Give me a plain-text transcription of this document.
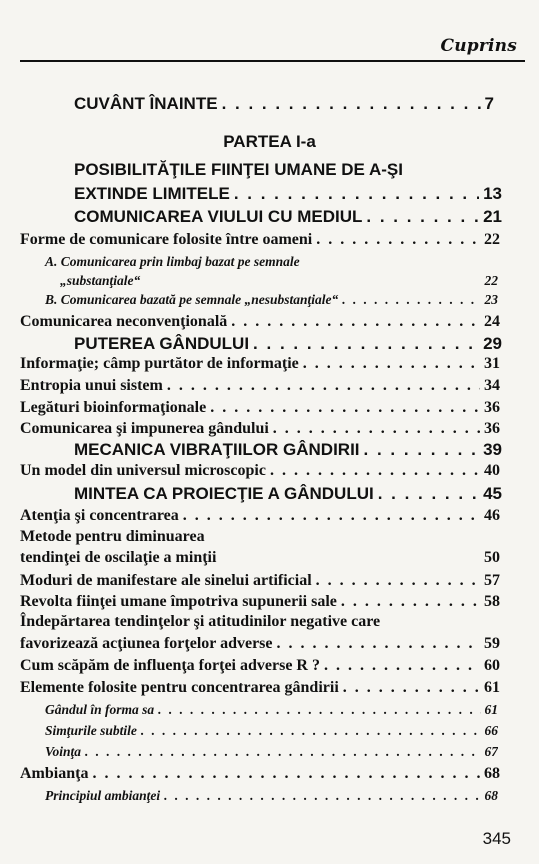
Cuprins
CUVÂNT ÎNAINTE . . .	7
PARTEA I-a
POSIBILITĂŢILE FIINŢEI UMANE DE A-ŞI
EXTINDE LIMITELE . . .	13
COMUNICAREA VIULUI CU MEDIUL . . .	21
Forme de comunicare folosite între oameni . . .	22
A. Comunicarea prin limbaj bazat pe semnale
„substanţiale“	22
B. Comunicarea bazată pe semnale „nesubstanţiale“ . . .	23
Comunicarea neconvenţională . . .	24
PUTEREA GÂNDULUI . . .	29
Informaţie; câmp purtător de informaţie . . .	31
Entropia unui sistem . . .	34
Legături bioinformaţionale . . .	36
Comunicarea şi impunerea gândului . . .	36
MECANICA VIBRAŢIILOR GÂNDIRII . . .	39
Un model din universul microscopic . . .	40
MINTEA CA PROIECŢIE A GÂNDULUI . . .	45
Atenţia şi concentrarea . . .	46
Metode pentru diminuarea
tendinţei de oscilaţie a minţii	50
Moduri de manifestare ale sinelui artificial . . .	57
Revolta fiinţei umane împotriva supunerii sale . . .	58
Îndepărtarea tendinţelor şi atitudinilor negative care
favorizează acţiunea forţelor adverse . . .	59
Cum scăpăm de influenţa forţei adverse R ? . . .	60
Elemente folosite pentru concentrarea gândirii . . .	61
Gândul în forma sa . . .	61
Simţurile subtile . . .	66
Voinţa . . .	67
Ambianţa . . .	68
Principiul ambianţei . . .	68
345
